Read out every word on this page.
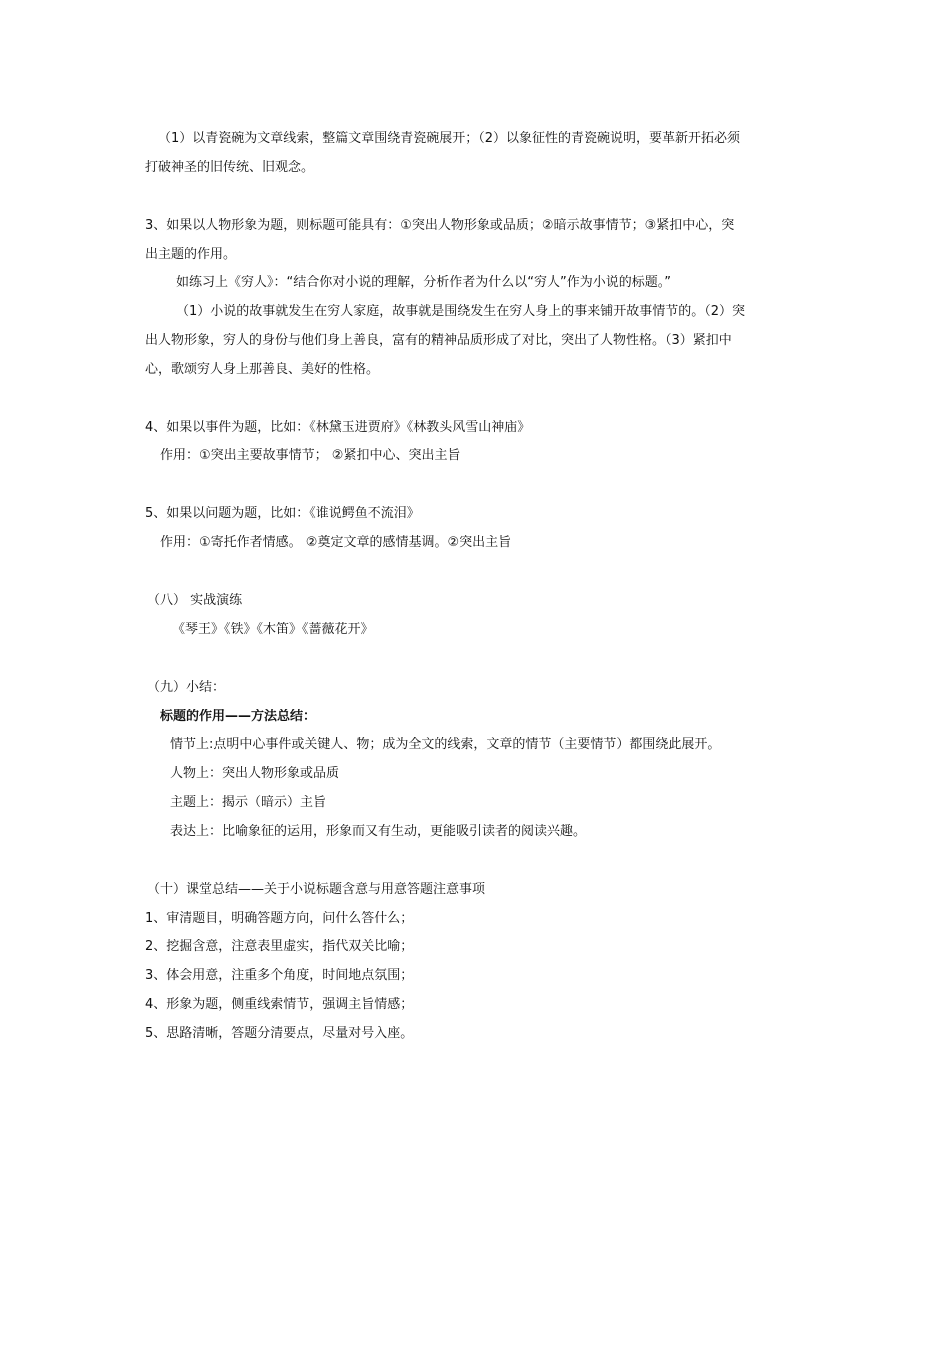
（1）以青瓷碗为文章线索，整篇文章围绕青瓷碗展开；（2）以象征性的青瓷碗说明，要革新开拓必须
打破神圣的旧传统、旧观念。
3、如果以人物形象为题，则标题可能具有：①突出人物形象或品质；②暗示故事情节；③紧扣中心，突
出主题的作用。
如练习上《穷人》：“结合你对小说的理解，分析作者为什么以“穷人”作为小说的标题。”
（1）小说的故事就发生在穷人家庭，故事就是围绕发生在穷人身上的事来铺开故事情节的。（2）突
出人物形象，穷人的身份与他们身上善良，富有的精神品质形成了对比，突出了人物性格。（3）紧扣中
心，歌颂穷人身上那善良、美好的性格。
4、如果以事件为题，比如：《林黛玉进贾府》《林教头风雪山神庙》
作用：①突出主要故事情节； ②紧扣中心、突出主旨
5、如果以问题为题，比如：《谁说鳄鱼不流泪》
作用：①寄托作者情感。 ②奠定文章的感情基调。②突出主旨
（八） 实战演练
《琴王》《铁》《木笛》《蔷薇花开》
（九）小结：
标题的作用——方法总结：
情节上:点明中心事件或关键人、物；成为全文的线索，文章的情节（主要情节）都围绕此展开。
人物上：突出人物形象或品质
主题上：揭示（暗示）主旨
表达上：比喻象征的运用，形象而又有生动，更能吸引读者的阅读兴趣。
（十）课堂总结——关于小说标题含意与用意答题注意事项
1、审清题目，明确答题方向，问什么答什么；
2、挖掘含意，注意表里虚实，指代双关比喻；
3、体会用意，注重多个角度，时间地点氛围；
4、形象为题，侧重线索情节，强调主旨情感；
5、思路清晰，答题分清要点，尽量对号入座。
